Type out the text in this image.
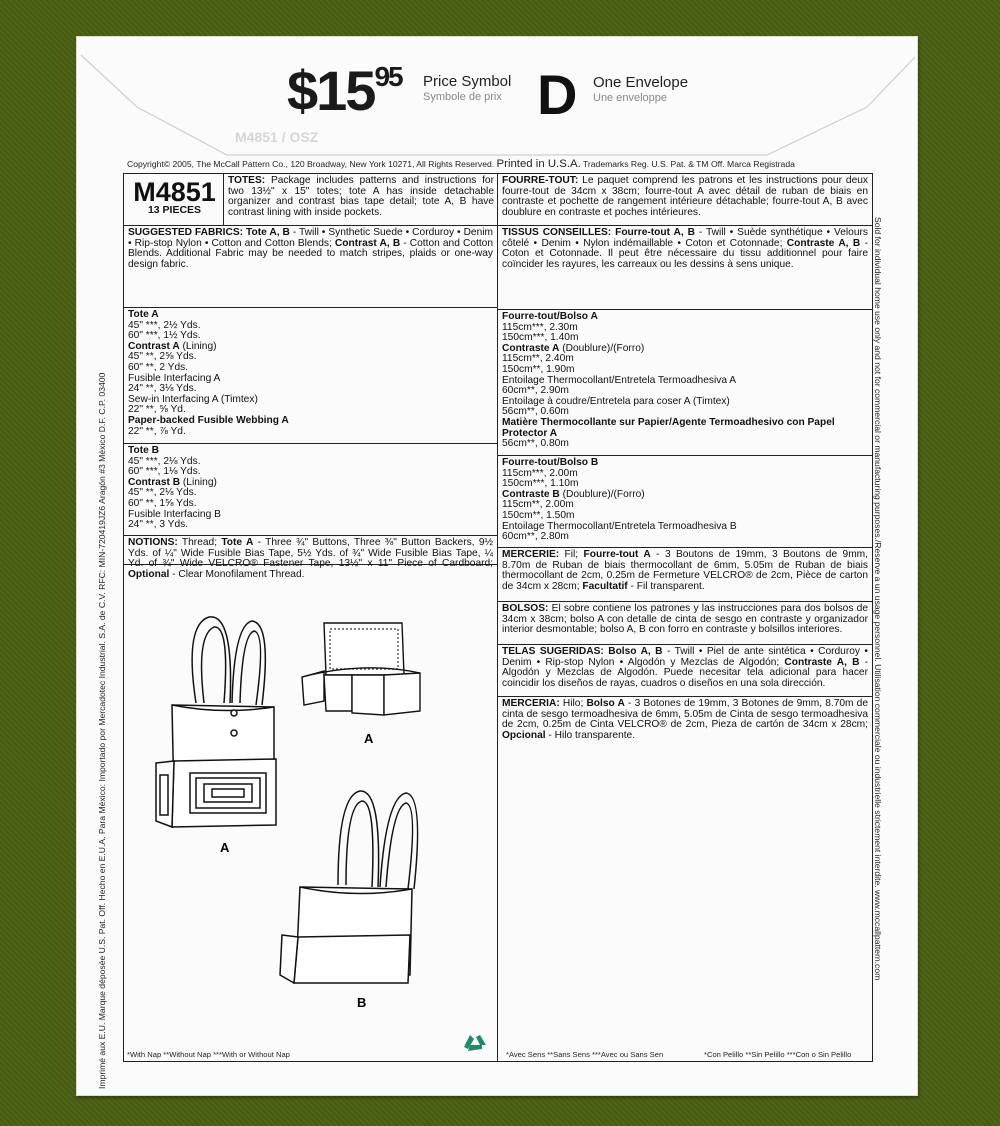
$\$15^{95}$ Price Symbol
Symbole de prix D One Envelope
Une enveloppe
M4851 / OSZ
Copyright© 2005, The McCall Pattern Co., 120 Broadway, New York 10271, All Rights Reserved. Printed in U.S.A. Trademarks Reg. U.S. Pat. & TM Off. Marca Registrada
Imprimé aux E.U. Marque déposée U.S. Pat. Off. Hecho en E.U.A. Para México: Importado por Mercadotec Industrial. S.A. de C.V. RFC: MIN-720419JZ6 Aragón #3 México D.F. C.P. 03400	Sold for individual home use only and not for commercial or manufacturing purposes./Reserve a un usage personnel. Utilisation commerciale ou industrielle strictement interdite. www.mccallpattern.com
M4851
13 PIECES
TOTES: Package includes patterns and instructions for two 13½" x 15" totes; tote A has inside detachable organizer and contrast bias tape detail; tote A, B have contrast lining with inside pockets.
SUGGESTED FABRICS: Tote A, B - Twill • Synthetic Suede • Corduroy • Denim • Rip-stop Nylon • Cotton and Cotton Blends; Contrast A, B - Cotton and Cotton Blends. Additional Fabric may be needed to match stripes, plaids or one-way design fabric.
Tote A
45" ***, 2½ Yds.
60" ***, 1½ Yds.
Contrast A (Lining)
45" **, 2⅝ Yds.
60" **, 2 Yds.
Fusible Interfacing A
24" **, 3⅛ Yds.
Sew-in Interfacing A (Timtex)
22" **, ⅝ Yd.
Paper-backed Fusible Webbing A
22" **, ⅞ Yd.
Tote B
45" ***, 2⅛ Yds.
60" ***, 1⅛ Yds.
Contrast B (Lining)
45" **, 2⅛ Yds.
60" **, 1⅝ Yds.
Fusible Interfacing B
24" **, 3 Yds.
NOTIONS: Thread; Tote A - Three ¾" Buttons, Three ⅜" Button Backers, 9½ Yds. of ¼" Wide Fusible Bias Tape, 5½ Yds. of ¾" Wide Fusible Bias Tape, ¼ Yd. of ¾" Wide VELCRO® Fastener Tape, 13½" x 11" Piece of Cardboard; Optional - Clear Monofilament Thread.
A
A
B
*With Nap **Without Nap ***With or Without Nap
FOURRE-TOUT: Le paquet comprend les patrons et les instructions pour deux fourre-tout de 34cm x 38cm; fourre-tout A avec détail de ruban de biais en contraste et pochette de rangement intérieure détachable; fourre-tout A, B avec doublure en contraste et poches intérieures.
TISSUS CONSEILLES: Fourre-tout A, B - Twill • Suède synthétique • Velours côtelé • Denim • Nylon indémaillable • Coton et Cotonnade; Contraste A, B - Coton et Cotonnade. Il peut être nécessaire du tissu additionnel pour faire coïncider les rayures, les carreaux ou les dessins à sens unique.
Fourre-tout/Bolso A
115cm***, 2.30m
150cm***, 1.40m
Contraste A (Doublure)/(Forro)
115cm**, 2.40m
150cm**, 1.90m
Entoilage Thermocollant/Entretela Termoadhesiva A
60cm**, 2.90m
Entoilage à coudre/Entretela para coser A (Timtex)
56cm**, 0.60m
Matière Thermocollante sur Papier/Agente Termoadhesivo con Papel Protector A
56cm**, 0.80m
Fourre-tout/Bolso B
115cm***, 2.00m
150cm***, 1.10m
Contraste B (Doublure)/(Forro)
115cm**, 2.00m
150cm**, 1.50m
Entoilage Thermocollant/Entretela Termoadhesiva B
60cm**, 2.80m
MERCERIE: Fil; Fourre-tout A - 3 Boutons de 19mm, 3 Boutons de 9mm, 8.70m de Ruban de biais thermocollant de 6mm, 5.05m de Ruban de biais thermocollant de 2cm, 0.25m de Fermeture VELCRO® de 2cm, Pièce de carton de 34cm x 28cm; Facultatif - Fil transparent.
BOLSOS: El sobre contiene los patrones y las instrucciones para dos bolsos de 34cm x 38cm; bolso A con detalle de cinta de sesgo en contraste y organizador interior desmontable; bolso A, B con forro en contraste y bolsillos interiores.
TELAS SUGERIDAS: Bolso A, B - Twill • Piel de ante sintética • Corduroy • Denim • Rip-stop Nylon • Algodón y Mezclas de Algodón; Contraste A, B - Algodón y Mezclas de Algodón. Puede necesitar tela adicional para hacer coincidir los diseños de rayas, cuadros o diseños en una sola dirección.
MERCERIA: Hilo; Bolso A - 3 Botones de 19mm, 3 Botones de 9mm, 8.70m de cinta de sesgo termoadhesiva de 6mm, 5.05m de Cinta de sesgo termoadhesiva de 2cm, 0.25m de Cinta VELCRO® de 2cm, Pieza de cartón de 34cm x 28cm; Opcional - Hilo transparente.
*Avec Sens **Sans Sens ***Avec ou Sans Sen	*Con Pelillo **Sin Pelillo ***Con o Sin Pelillo
